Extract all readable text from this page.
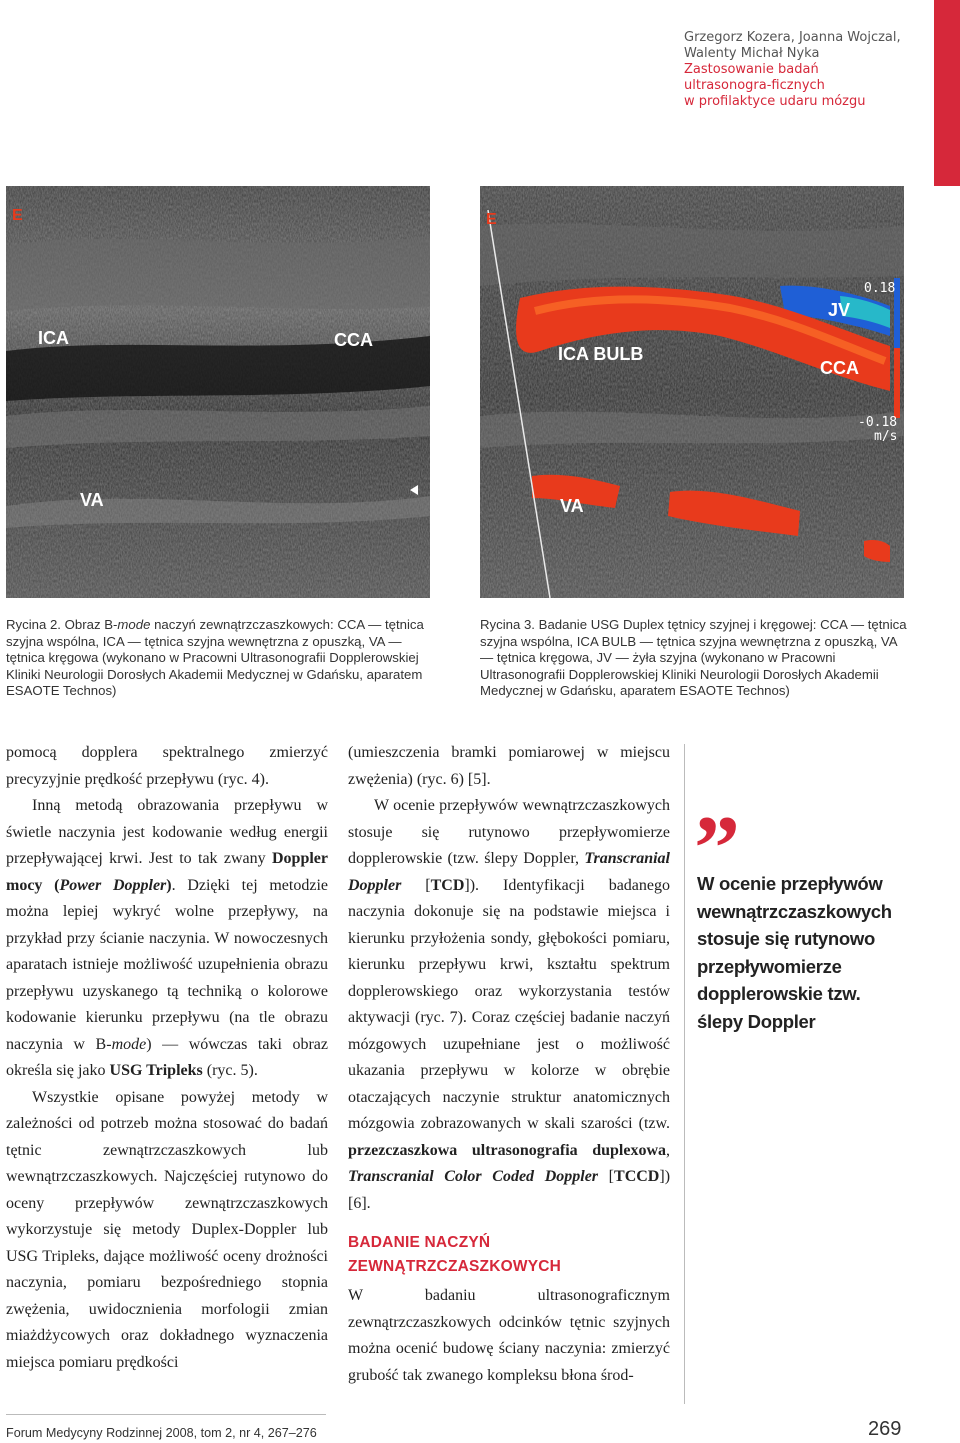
Grzegorz Kozera, Joanna Wojczal,
Walenty Michał Nyka
Zastosowanie badań
ultrasonogra-ficznych
w profilaktyce udaru mózgu
E
ICA	CCA
VA
E
0.18
JV
ICA BULB
CCA
-0.18
m/s
VA
Rycina 2. Obraz B-mode naczyń zewnątrzczaszkowych: CCA — tętnica szyjna wspólna, ICA — tętnica szyjna wewnętrzna z opuszką, VA — tętnica kręgowa (wykonano w Pracowni Ultrasonografii Dopplerowskiej Kliniki Neurologii Dorosłych Akademii Medycznej w Gdańsku, aparatem ESAOTE Technos)
Rycina 3. Badanie USG Duplex tętnicy szyjnej i kręgowej: CCA — tętnica szyjna wspólna, ICA BULB — tętnica szyjna wewnętrzna z opuszką, VA — tętnica kręgowa, JV — żyła szyjna (wykonano w Pracowni Ultrasonografii Dopplerowskiej Kliniki Neurologii Dorosłych Akademii Medycznej w Gdańsku, aparatem ESAOTE Technos)

pomocą dopplera spektralnego zmierzyć precyzyjnie prędkość przepływu (ryc. 4).

Inną metodą obrazowania przepływu w świetle naczynia jest kodowanie według energii przepływającej krwi. Jest to tak zwany Doppler mocy (Power Doppler). Dzięki tej metodzie można lepiej wykryć wolne przepływy, na przykład przy ścianie naczynia. W nowoczesnych aparatach istnieje możliwość uzupełnienia obrazu przepływu uzyskanego tą techniką o kolorowe kodowanie kierunku przepływu (na tle obrazu naczynia w B-mode) — wówczas taki obraz określa się jako USG Tripleks (ryc. 5).

Wszystkie opisane powyżej metody w zależności od potrzeb można stosować do badań tętnic zewnątrzczaszkowych lub wewnątrzczaszkowych. Najczęściej rutynowo do oceny przepływów zewnątrzczaszkowych wykorzystuje się metody Duplex-Doppler lub USG Tripleks, dające możliwość oceny drożności naczynia, pomiaru bezpośredniego stopnia zwężenia, uwidocznienia morfologii zmian miażdżycowych oraz dokładnego wyznaczenia miejsca pomiaru prędkości

(umieszczenia bramki pomiarowej w miejscu zwężenia) (ryc. 6) [5].

W ocenie przepływów wewnątrzczaszkowych stosuje się rutynowo przepływomierze dopplerowskie (tzw. ślepy Doppler, Transcranial Doppler [TCD]). Identyfikacji badanego naczynia dokonuje się na podstawie miejsca i kierunku przyłożenia sondy, głębokości pomiaru, kierunku przepływu krwi, kształtu spektrum dopplerowskiego oraz wykorzystania testów aktywacji (ryc. 7). Coraz częściej badanie naczyń mózgowych uzupełniane jest o możliwość ukazania przepływu w kolorze w obrębie otaczających naczynie struktur anatomicznych mózgowia zobrazowanych w skali szarości (tzw. przezczaszkowa ultrasonografia duplexowa, Transcranial Color Coded Doppler [TCCD]) [6].

BADANIE NACZYŃ
ZEWNĄTRZCZASZKOWYCH

W badaniu ultrasonograficznym zewnątrzczaszkowych odcinków tętnic szyjnych można ocenić budowę ściany naczynia: zmierzyć grubość tak zwanego kompleksu błona środ-

”
W ocenie przepływów wewnątrzczaszkowych stosuje się rutynowo przepływomierze dopplerowskie tzw. ślepy Doppler
Forum Medycyny Rodzinnej 2008, tom 2, nr 4, 267–276	269
